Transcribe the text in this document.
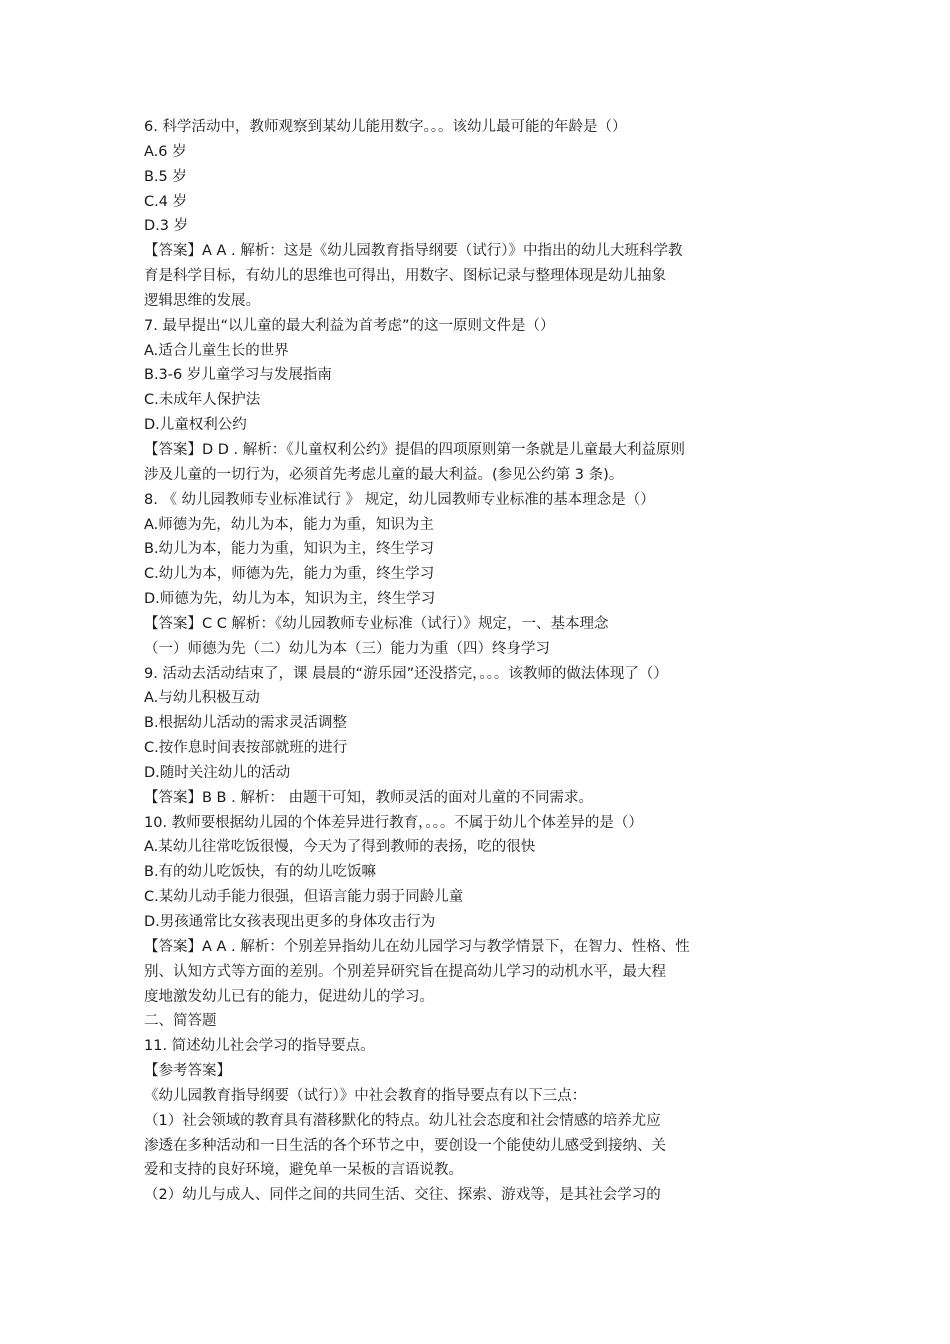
6. 科学活动中，教师观察到某幼儿能用数字。。。该幼儿最可能的年龄是（）
A.6 岁
B.5 岁
C.4 岁
D.3 岁
【答案】A A . 解析：这是《幼儿园教育指导纲要（试行）》中指出的幼儿大班科学教
育是科学目标，有幼儿的思维也可得出，用数字、图标记录与整理体现是幼儿抽象
逻辑思维的发展。
7. 最早提出“以儿童的最大利益为首考虑”的这一原则文件是（）
A.适合儿童生长的世界
B.3-6 岁儿童学习与发展指南
C.未成年人保护法
D.儿童权利公约
【答案】D D . 解析：《儿童权利公约》提倡的四项原则第一条就是儿童最大利益原则
涉及儿童的一切行为，必须首先考虑儿童的最大利益。(参见公约第 3 条)。
8. 《 幼儿园教师专业标准试行 》 规定，幼儿园教师专业标准的基本理念是（）
A.师德为先，幼儿为本，能力为重，知识为主
B.幼儿为本，能力为重，知识为主，终生学习
C.幼儿为本，师德为先，能力为重，终生学习
D.师德为先，幼儿为本，知识为主，终生学习
【答案】C C 解析：《幼儿园教师专业标准（试行）》规定，一、基本理念
（一）师德为先（二）幼儿为本（三）能力为重（四）终身学习
9. 活动去活动结束了，课 晨晨的“游乐园”还没搭完，。。。该教师的做法体现了（）
A.与幼儿积极互动
B.根据幼儿活动的需求灵活调整
C.按作息时间表按部就班的进行
D.随时关注幼儿的活动
【答案】B B . 解析： 由题干可知，教师灵活的面对儿童的不同需求。
10. 教师要根据幼儿园的个体差异进行教育，。。。不属于幼儿个体差异的是（）
A.某幼儿往常吃饭很慢，今天为了得到教师的表扬，吃的很快
B.有的幼儿吃饭快，有的幼儿吃饭嘛
C.某幼儿动手能力很强，但语言能力弱于同龄儿童
D.男孩通常比女孩表现出更多的身体攻击行为
【答案】A A . 解析：个别差异指幼儿在幼儿园学习与教学情景下，在智力、性格、性
别、认知方式等方面的差别。个别差异研究旨在提高幼儿学习的动机水平，最大程
度地激发幼儿已有的能力，促进幼儿的学习。
二、简答题
11. 简述幼儿社会学习的指导要点。
【参考答案】
《幼儿园教育指导纲要（试行）》中社会教育的指导要点有以下三点：
（1）社会领域的教育具有潜移默化的特点。幼儿社会态度和社会情感的培养尤应
渗透在多种活动和一日生活的各个环节之中，要创设一个能使幼儿感受到接纳、关
爱和支持的良好环境，避免单一呆板的言语说教。
（2）幼儿与成人、同伴之间的共同生活、交往、探索、游戏等，是其社会学习的
